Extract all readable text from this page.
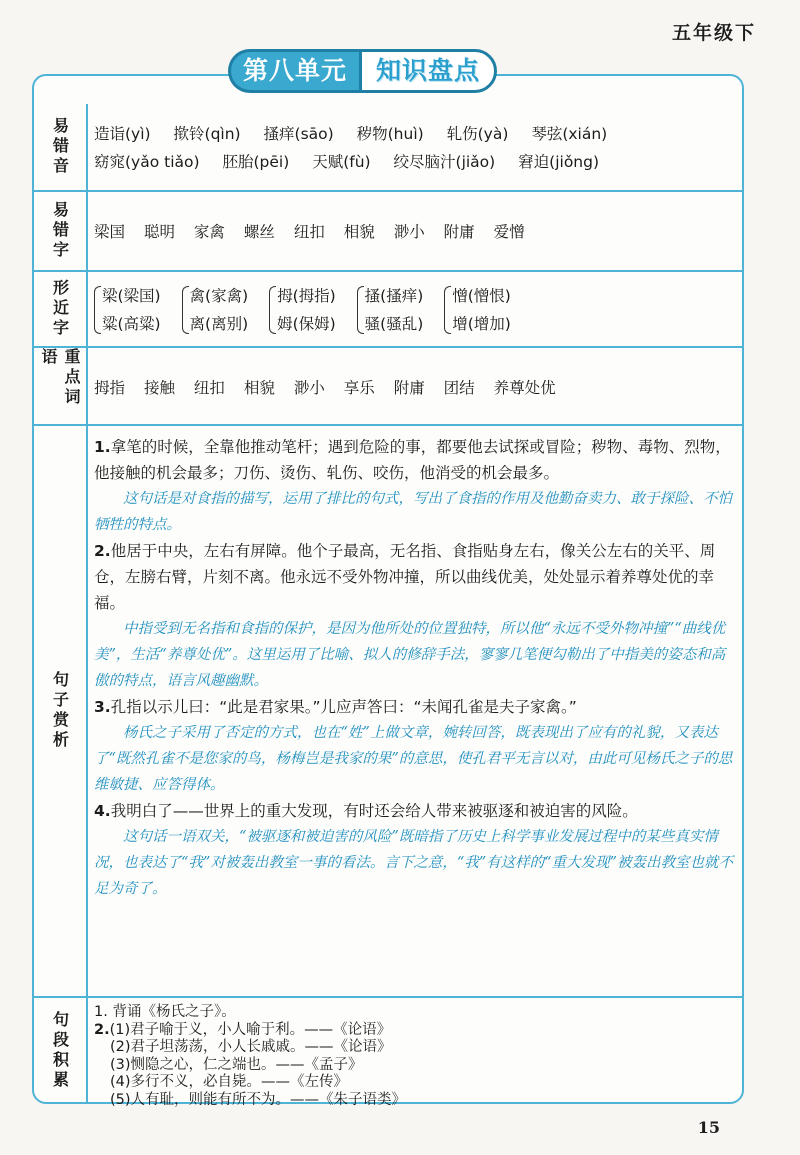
五年级下
易错音 造诣(yì) 揿铃(qìn) 搔痒(sāo) 秽物(huì) 轧伤(yà) 琴弦(xián)
窈窕(yǎo tiǎo) 胚胎(pēi) 天赋(fù) 绞尽脑汁(jiǎo) 窘迫(jiǒng)
易错字 梁国 聪明 家禽 螺丝 纽扣 相貌 渺小 附庸 爱憎
形近字 梁(梁国)
粱(高粱)

禽(家禽)
离(离别)

拇(拇指)
姆(保姆)

搔(搔痒)
骚(骚乱)

憎(憎恨)
增(增加)
重点词语
拇指 接触 纽扣 相貌 渺小 享乐 附庸 团结 养尊处优
句子赏析
1.拿笔的时候，全靠他推动笔杆；遇到危险的事，都要他去试探或冒险；秽物、毒物、烈物，他接触的机会最多；刀伤、烫伤、轧伤、咬伤，他消受的机会最多。
这句话是对食指的描写，运用了排比的句式，写出了食指的作用及他勤奋卖力、敢于探险、不怕牺牲的特点。
2.他居于中央，左右有屏障。他个子最高，无名指、食指贴身左右，像关公左右的关平、周仓，左膀右臂，片刻不离。他永远不受外物冲撞，所以曲线优美，处处显示着养尊处优的幸福。
中指受到无名指和食指的保护，是因为他所处的位置独特，所以他“永远不受外物冲撞”“曲线优美”，生活“养尊处优”。这里运用了比喻、拟人的修辞手法，寥寥几笔便勾勒出了中指美的姿态和高傲的特点，语言风趣幽默。
3.孔指以示儿曰：“此是君家果。”儿应声答曰：“未闻孔雀是夫子家禽。”
杨氏之子采用了否定的方式，也在“姓”上做文章，婉转回答，既表现出了应有的礼貌，又表达了“既然孔雀不是您家的鸟，杨梅岂是我家的果”的意思，使孔君平无言以对，由此可见杨氏之子的思维敏捷、应答得体。
4.我明白了——世界上的重大发现，有时还会给人带来被驱逐和被迫害的风险。
这句话一语双关，“被驱逐和被迫害的风险”既暗指了历史上科学事业发展过程中的某些真实情况，也表达了“我”对被轰出教室一事的看法。言下之意，“我”有这样的“重大发现”被轰出教室也就不足为奇了。
句段积累 1. 背诵《杨氏之子》。
2.(1)君子喻于义，小人喻于利。——《论语》
(2)君子坦荡荡，小人长戚戚。——《论语》
(3)恻隐之心，仁之端也。——《孟子》
(4)多行不义，必自毙。——《左传》
(5)人有耻，则能有所不为。——《朱子语类》
第八单元	知识盘点
15
